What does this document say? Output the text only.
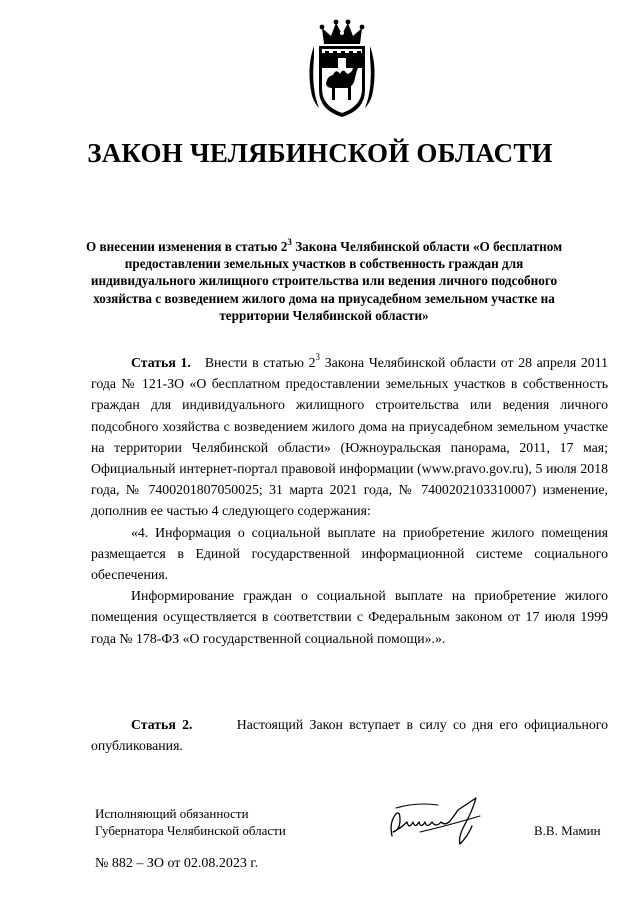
ЗАКОН ЧЕЛЯБИНСКОЙ ОБЛАСТИ
О внесении изменения в статью $2^3$ Закона Челябинской области «О бесплатном предоставлении земельных участков в собственность граждан для индивидуального жилищного строительства или ведения личного подсобного хозяйства с возведением жилого дома на приусадебном земельном участке на территории Челябинской области»

Статья 1. Внести в статью $2^3$ Закона Челябинской области от 28 апреля 2011 года № 121-ЗО «О бесплатном предоставлении земельных участков в собственность граждан для индивидуального жилищного строительства или ведения личного подсобного хозяйства с возведением жилого дома на приусадебном земельном участке на территории Челябинской области» (Южноуральская панорама, 2011, 17 мая; Официальный интернет-портал правовой информации (www.pravo.gov.ru), 5 июля 2018 года, № 7400201807050025; 31 марта 2021 года, № 7400202103310007) изменение, дополнив ее частью 4 следующего содержания:

«4. Информация о социальной выплате на приобретение жилого помещения размещается в Единой государственной информационной системе социального обеспечения.

Информирование граждан о социальной выплате на приобретение жилого помещения осуществляется в соответствии с Федеральным законом от 17 июля 1999 года № 178-ФЗ «О государственной социальной помощи».».

Статья 2.	Настоящий Закон вступает в силу со дня его официального опубликования.

Исполняющий обязанности
Губернатора Челябинской области	В.В. Мамин
№ 882 – ЗО от 02.08.2023 г.
